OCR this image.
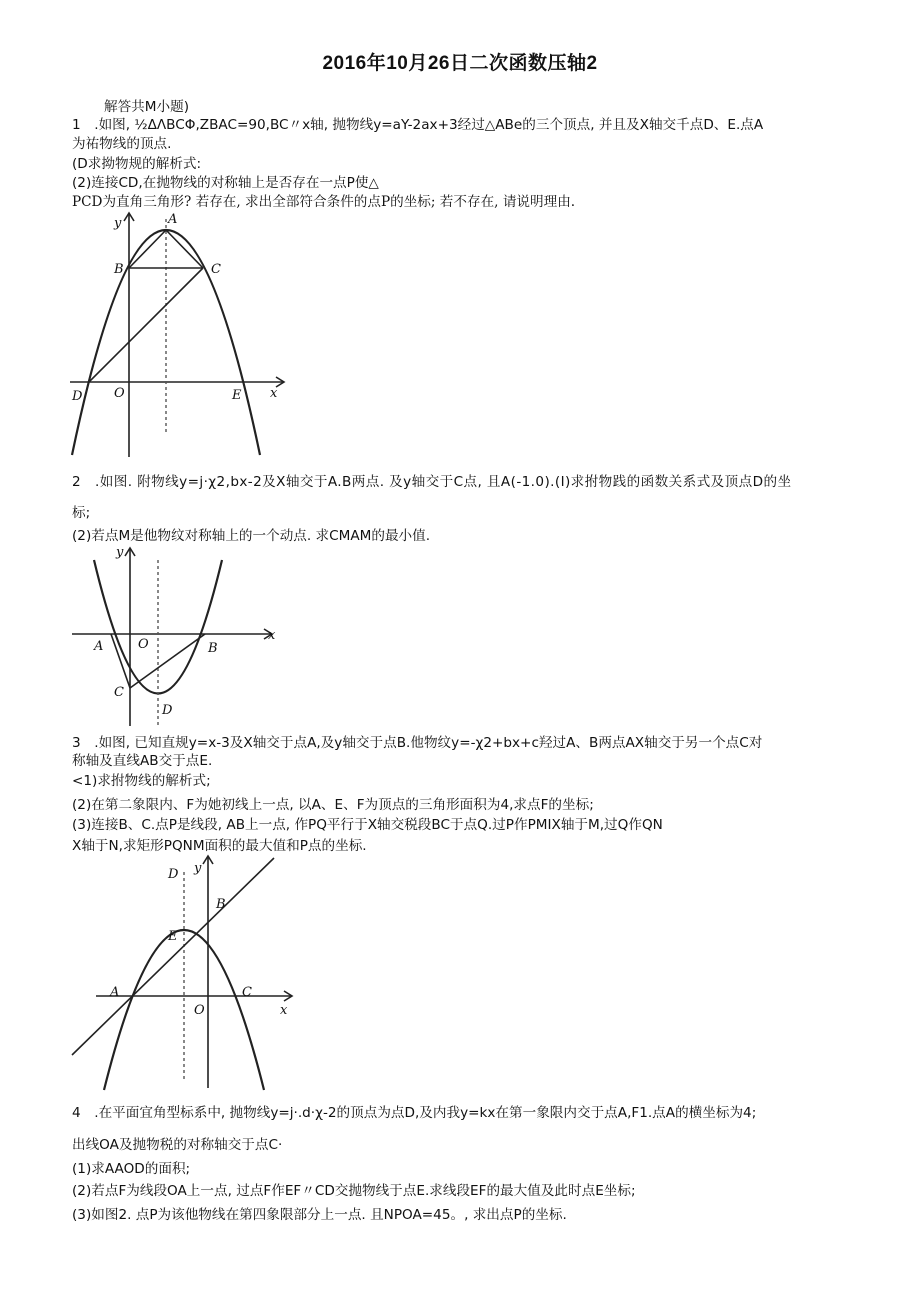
2016年10月26日二次函数压轴2
解答共M小题)
1　.如图, ½ΔΛBCΦ,ZBAC=90,BC〃x轴, 抛物线y=aY-2ax+3经过△ABe的三个顶点, 并且及X轴交千点D、E.点A
为祐物线的顶点.
(D求拗物规的解析式:
(2)连接CD,在抛物线的对称轴上是否存在一点P使△
PCD为直角三角形? 若存在, 求出全部符合条件的点P的坐标; 若不存在, 请说明理由.
y	A
B	C
D O	E x
2　.如图. 附物线y=j·χ2,bx-2及X轴交于A.B两点. 及y轴交于C点, 且A(-1.0).(I)求拊物践的函数关系式及顶点D的坐
标;
(2)若点M是他物纹对称轴上的一个动点. 求CMAM的最小值.
y
A	O	B
C
D
x
3　.如图, 已知直规y=x-3及X轴交于点A,及y轴交于点B.他物纹y=-χ2+bx+c羟过A、B两点AX轴交于另一个点C对
称轴及直线AB交于点E.
<1)求拊物线的解析式;
(2)在第二象限内、F为她初线上一点, 以A、E、F为顶点的三角形面积为4,求点F的坐标;
(3)连接B、C.点P是线段, AB上一点, 作PQ平行于X轴交税段BC于点Q.过P作PMIX轴于M,过Q作QN
X轴于N,求矩形PQNM面积的最大值和P点的坐标.
y
D
B
E
A
O
C
x
4　.在平面宜角型标系中, 抛物线y=j·.d·χ-2的顶点为点D,及内我y=kx在第一象限内交于点A,F1.点A的横坐标为4;
出线OA及抛物税的对称轴交于点C·
(1)求AAOD的面积;
(2)若点F为线段OA上一点, 过点F作EF〃CD交抛物线于点E.求线段EF的最大值及此时点E坐标;
(3)如图2. 点P为该他物线在第四象限部分上一点. 且NPOA=45。, 求出点P的坐标.
